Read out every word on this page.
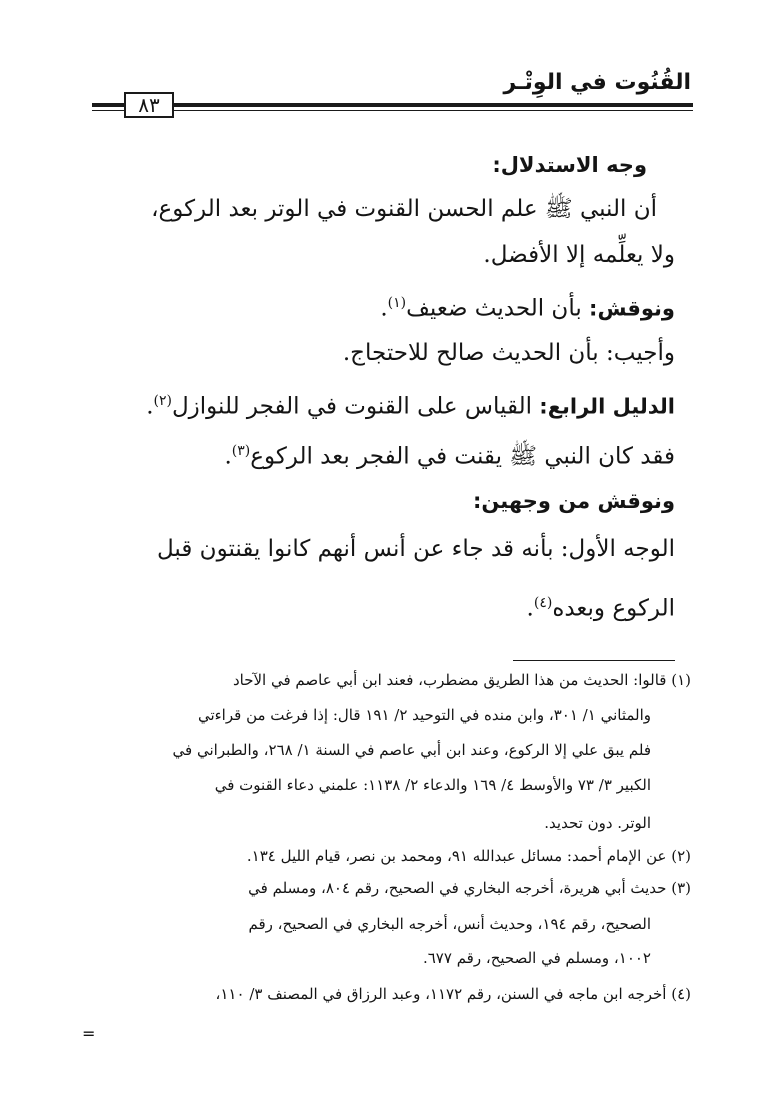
القُنُوت في الوِتْـر
٨٣
وجه الاستدلال:
أن النبي ﷺ علم الحسن القنوت في الوتر بعد الركوع،
ولا يعلِّمه إلا الأفضل.
ونوقش: بأن الحديث ضعيف$^{(١)}$.
وأجيب: بأن الحديث صالح للاحتجاج.
الدليل الرابع: القياس على القنوت في الفجر للنوازل$^{(٢)}$.
فقد كان النبي ﷺ يقنت في الفجر بعد الركوع$^{(٣)}$.
ونوقش من وجهين:
الوجه الأول: بأنه قد جاء عن أنس أنهم كانوا يقنتون قبل
الركوع وبعده$^{(٤)}$.
(١) قالوا: الحديث من هذا الطريق مضطرب، فعند ابن أبي عاصم في الآحاد
والمثاني ١/ ٣٠١، وابن منده في التوحيد ٢/ ١٩١ قال: إذا فرغت من قراءتي
فلم يبق علي إلا الركوع، وعند ابن أبي عاصم في السنة ١/ ٢٦٨، والطبراني في
الكبير ٣/ ٧٣ والأوسط ٤/ ١٦٩ والدعاء ٢/ ١١٣٨: علمني دعاء القنوت في
الوتر. دون تحديد.
(٢) عن الإمام أحمد: مسائل عبدالله ٩١، ومحمد بن نصر، قيام الليل ١٣٤.
(٣) حديث أبي هريرة، أخرجه البخاري في الصحيح، رقم ٨٠٤، ومسلم في
الصحيح، رقم ١٩٤، وحديث أنس، أخرجه البخاري في الصحيح، رقم
١٠٠٢، ومسلم في الصحيح، رقم ٦٧٧.
(٤) أخرجه ابن ماجه في السنن، رقم ١١٧٢، وعبد الرزاق في المصنف ٣/ ١١٠،
=
